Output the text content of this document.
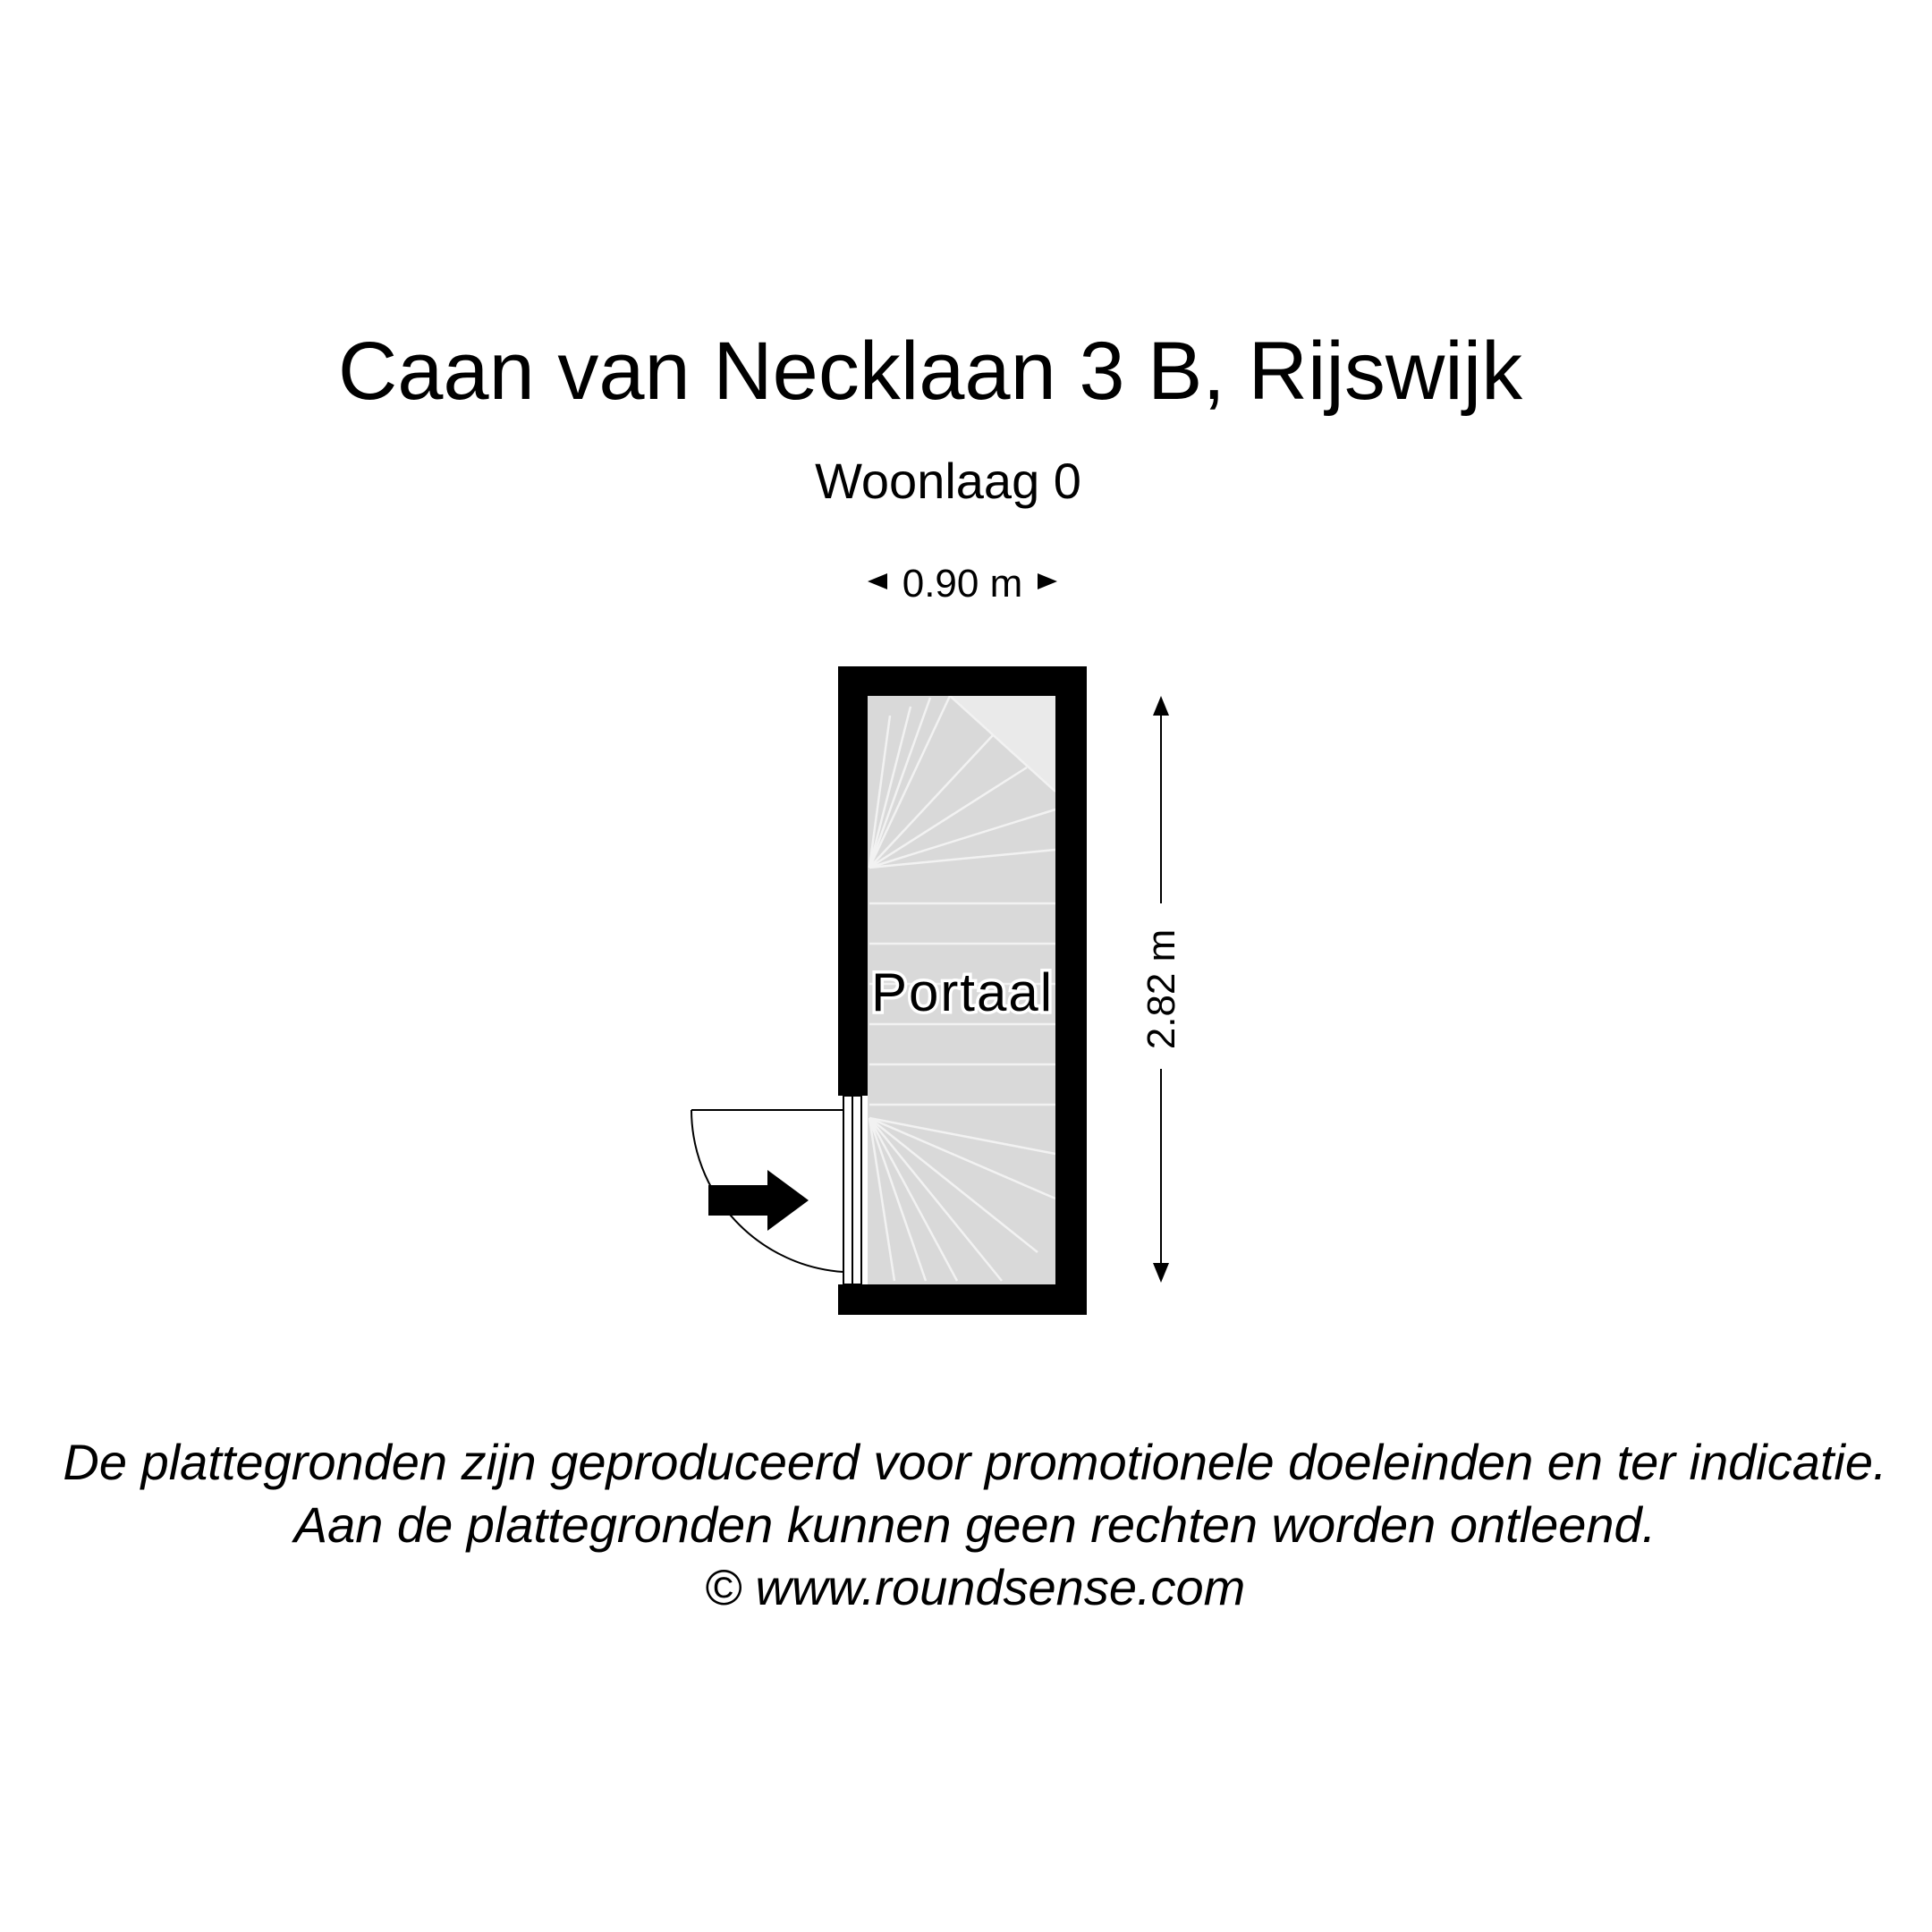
Caan van Necklaan 3 B, Rijswijk
Woonlaag 0
0.90 m
Portaal 2.82 m
De plattegronden zijn geproduceerd voor promotionele doeleinden en ter indicatie.
Aan de plattegronden kunnen geen rechten worden ontleend.
© www.roundsense.com
